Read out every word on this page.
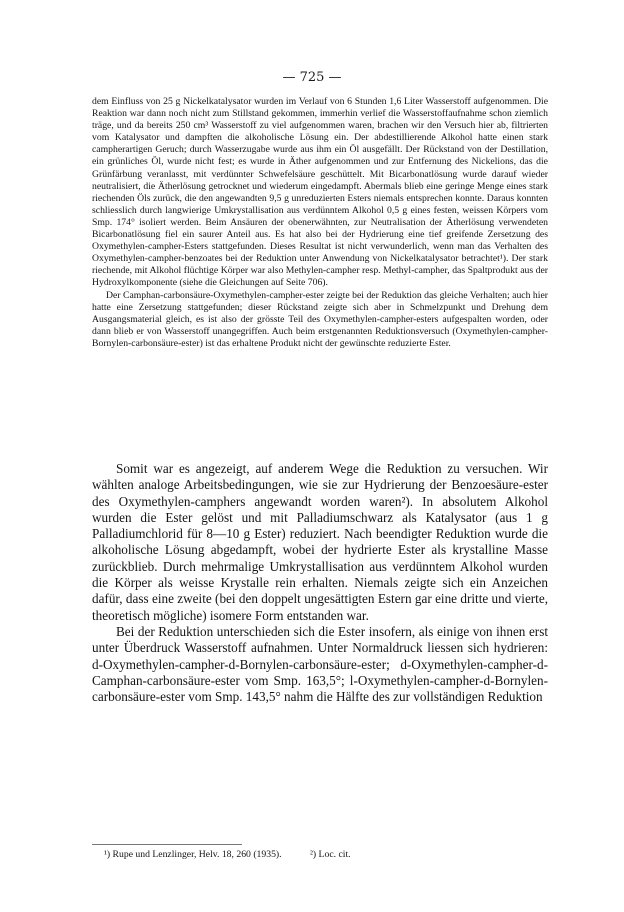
— 725 —

dem Einfluss von 25 g Nickelkatalysator wurden im Verlauf von 6 Stunden 1,6 Liter Wasserstoff aufgenommen. Die Reaktion war dann noch nicht zum Stillstand gekommen, immerhin verlief die Wasserstoffaufnahme schon ziemlich träge, und da bereits 250 cm³ Wasserstoff zu viel aufgenommen waren, brachen wir den Versuch hier ab, filtrierten vom Katalysator und dampften die alkoholische Lösung ein. Der abdestillierende Alkohol hatte einen stark campherartigen Geruch; durch Wasserzugabe wurde aus ihm ein Öl ausgefällt. Der Rückstand von der Destillation, ein grünliches Öl, wurde nicht fest; es wurde in Äther aufgenommen und zur Entfernung des Nickelions, das die Grünfärbung veranlasst, mit verdünnter Schwefelsäure geschüttelt. Mit Bicarbonatlösung wurde darauf wieder neutralisiert, die Ätherlösung getrocknet und wiederum eingedampft. Abermals blieb eine geringe Menge eines stark riechenden Öls zurück, die den angewandten 9,5 g unreduzierten Esters niemals entsprechen konnte. Daraus konnten schliesslich durch langwierige Umkrystallisation aus verdünntem Alkohol 0,5 g eines festen, weissen Körpers vom Smp. 174° isoliert werden. Beim Ansäuren der obenerwähnten, zur Neutralisation der Ätherlösung verwendeten Bicarbonatlösung fiel ein saurer Anteil aus. Es hat also bei der Hydrierung eine tief greifende Zersetzung des Oxymethylen-campher-Esters stattgefunden. Dieses Resultat ist nicht verwunderlich, wenn man das Verhalten des Oxymethylen-campher-benzoates bei der Reduktion unter Anwendung von Nickelkatalysator betrachtet¹). Der stark riechende, mit Alkohol flüchtige Körper war also Methylen-campher resp. Methyl-campher, das Spaltprodukt aus der Hydroxylkomponente (siehe die Gleichungen auf Seite 706).

Der Camphan-carbonsäure-Oxymethylen-campher-ester zeigte bei der Reduktion das gleiche Verhalten; auch hier hatte eine Zersetzung stattgefunden; dieser Rückstand zeigte sich aber in Schmelzpunkt und Drehung dem Ausgangsmaterial gleich, es ist also der grösste Teil des Oxymethylen-campher-esters aufgespalten worden, oder dann blieb er von Wasserstoff unangegriffen. Auch beim erstgenannten Reduktionsversuch (Oxymethylen-campher-Bornylen-carbonsäure-ester) ist das erhaltene Produkt nicht der gewünschte reduzierte Ester.

Somit war es angezeigt, auf anderem Wege die Reduktion zu versuchen. Wir wählten analoge Arbeitsbedingungen, wie sie zur Hydrierung der Benzoesäure-ester des Oxymethylen-camphers angewandt worden waren²). In absolutem Alkohol wurden die Ester gelöst und mit Palladiumschwarz als Katalysator (aus 1 g Palladiumchlorid für 8—10 g Ester) reduziert. Nach beendigter Reduktion wurde die alkoholische Lösung abgedampft, wobei der hydrierte Ester als krystalline Masse zurückblieb. Durch mehrmalige Umkrystallisation aus verdünntem Alkohol wurden die Körper als weisse Krystalle rein erhalten. Niemals zeigte sich ein Anzeichen dafür, dass eine zweite (bei den doppelt ungesättigten Estern gar eine dritte und vierte, theoretisch mögliche) isomere Form entstanden war.

Bei der Reduktion unterschieden sich die Ester insofern, als einige von ihnen erst unter Überdruck Wasserstoff aufnahmen. Unter Normaldruck liessen sich hydrieren: d-Oxymethylen-campher-d-Bornylen-carbonsäure-ester; d-Oxymethylen-campher-d-Camphan-carbonsäure-ester vom Smp. 163,5°; l-Oxymethylen-campher-d-Bornylen-carbonsäure-ester vom Smp. 143,5° nahm die Hälfte des zur vollständigen Reduktion

¹) Rupe und Lenzlinger, Helv. 18, 260 (1935).	²) Loc. cit.
